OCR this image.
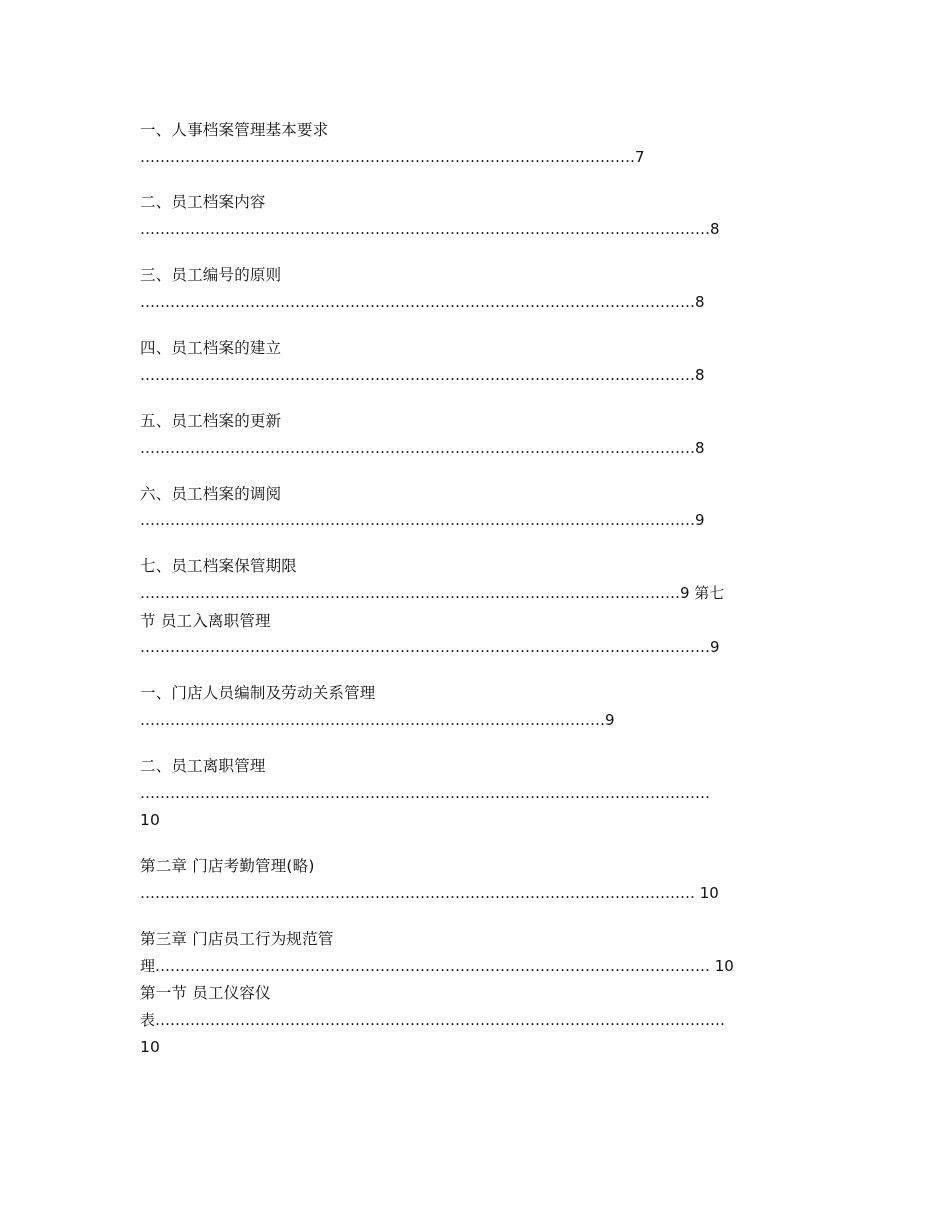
一、人事档案管理基本要求
………………………………………………………………………………………7
二、员工档案内容
……………………………………………………………………………………………………8
三、员工编号的原则
…………………………………………………………………………………………………8
四、员工档案的建立
…………………………………………………………………………………………………8
五、员工档案的更新
…………………………………………………………………………………………………8
六、员工档案的调阅
…………………………………………………………………………………………………9
七、员工档案保管期限
………………………………………………………………………………………………9 第七
节 员工入离职管理
……………………………………………………………………………………………………9
一、门店人员编制及劳动关系管理
…………………………………………………………………………………9
二、员工离职管理
……………………………………………………………………………………………………
10
第二章 门店考勤管理(略)
………………………………………………………………………………………………… 10
第三章 门店员工行为规范管
理………………………………………………………………………………………………… 10
第一节 员工仪容仪
表……………………………………………………………………………………………………
10
